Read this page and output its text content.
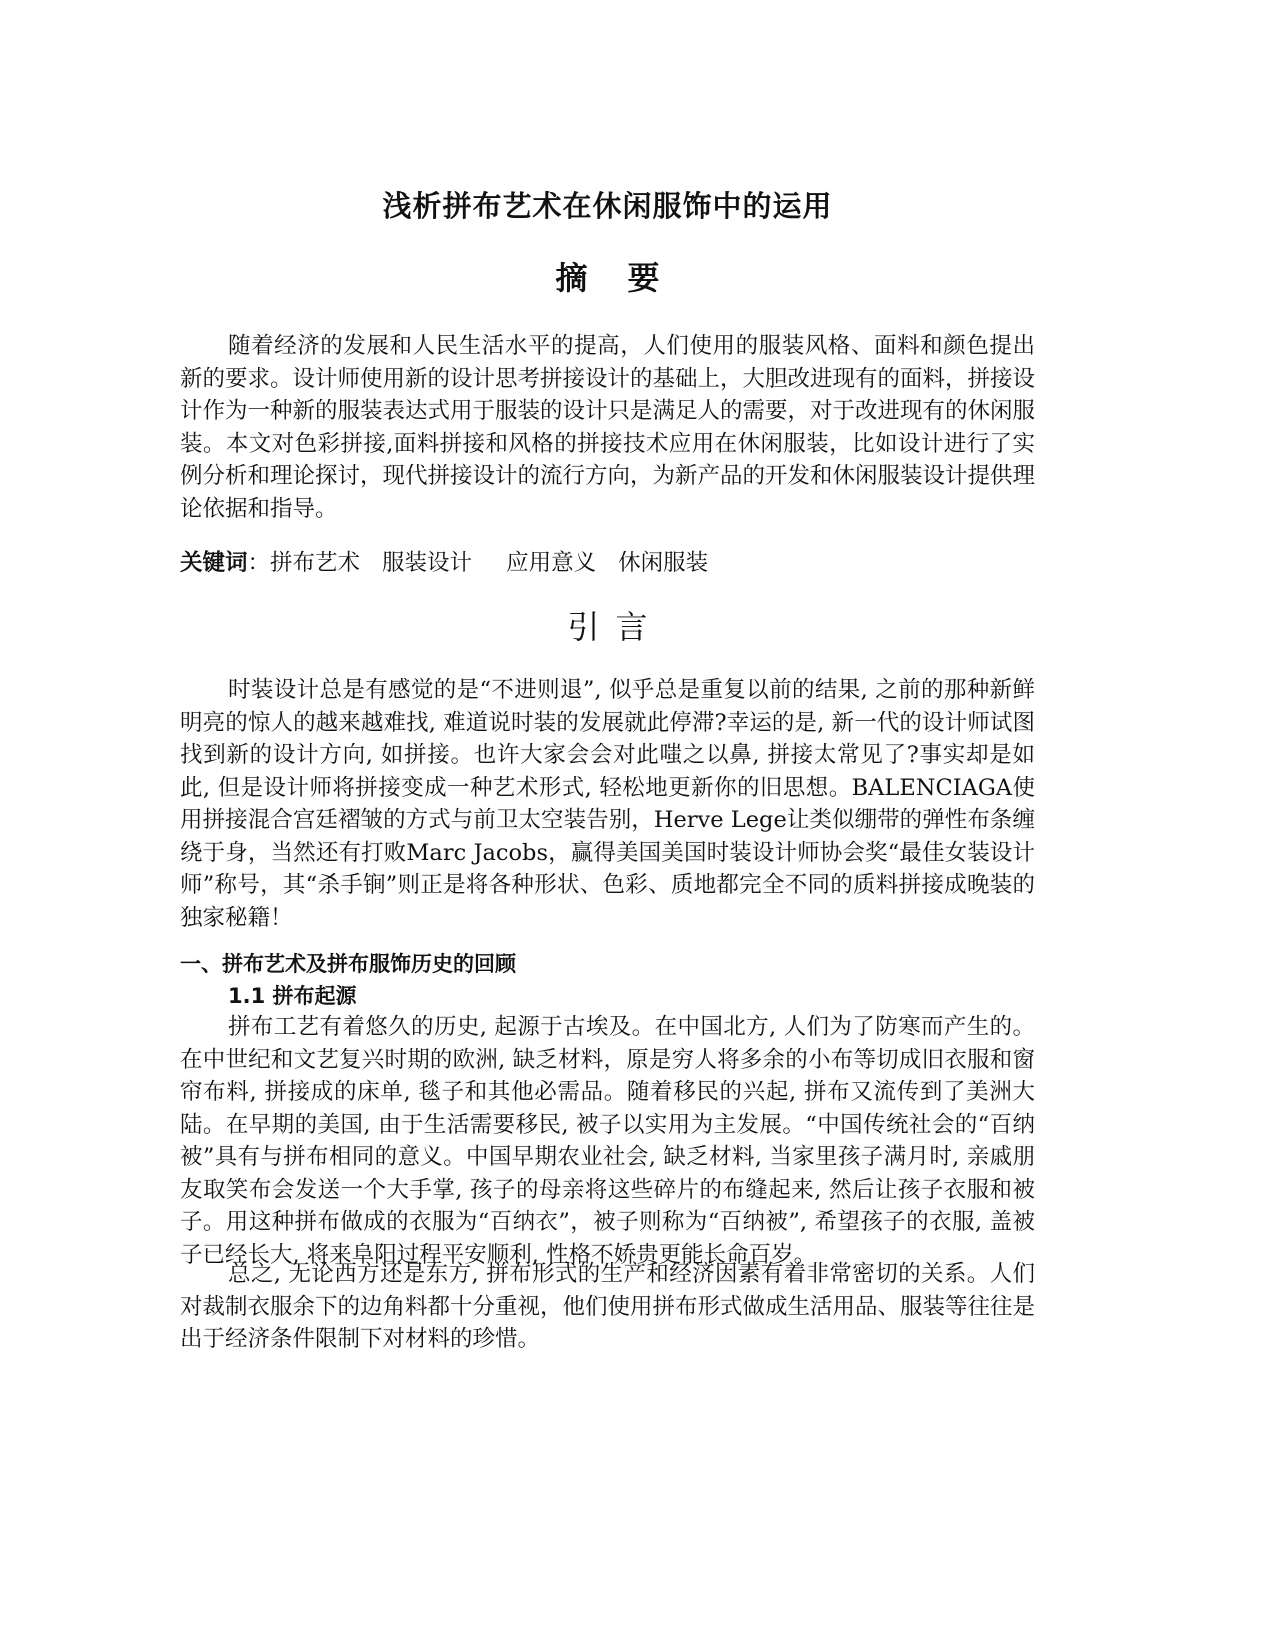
浅析拼布艺术在休闲服饰中的运用
摘要

随着经济的发展和人民生活水平的提高，人们使用的服装风格、面料和颜色提出新的要求。设计师使用新的设计思考拼接设计的基础上，大胆改进现有的面料，拼接设计作为一种新的服装表达式用于服装的设计只是满足人的需要，对于改进现有的休闲服装。本文对色彩拼接,面料拼接和风格的拼接技术应用在休闲服装，比如设计进行了实例分析和理论探讨，现代拼接设计的流行方向，为新产品的开发和休闲服装设计提供理论依据和指导。

关键词：拼布艺术 服装设计 应用意义 休闲服装

引言

时装设计总是有感觉的是“不进则退”, 似乎总是重复以前的结果, 之前的那种新鲜明亮的惊人的越来越难找, 难道说时装的发展就此停滞?幸运的是, 新一代的设计师试图找到新的设计方向, 如拼接。也许大家会会对此嗤之以鼻, 拼接太常见了?事实却是如此, 但是设计师将拼接变成一种艺术形式, 轻松地更新你的旧思想。BALENCIAGA使用拼接混合宫廷褶皱的方式与前卫太空装告别，Herve Lege让类似绷带的弹性布条缠绕于身，当然还有打败Marc Jacobs，赢得美国美国时装设计师协会奖“最佳女装设计师”称号，其“杀手锏”则正是将各种形状、色彩、质地都完全不同的质料拼接成晚装的独家秘籍！

一、拼布艺术及拼布服饰历史的回顾
1.1 拼布起源

拼布工艺有着悠久的历史, 起源于古埃及。在中国北方, 人们为了防寒而产生的。在中世纪和文艺复兴时期的欧洲, 缺乏材料，原是穷人将多余的小布等切成旧衣服和窗帘布料, 拼接成的床单, 毯子和其他必需品。随着移民的兴起, 拼布又流传到了美洲大陆。在早期的美国, 由于生活需要移民, 被子以实用为主发展。“中国传统社会的“百纳被”具有与拼布相同的意义。中国早期农业社会, 缺乏材料, 当家里孩子满月时, 亲戚朋友取笑布会发送一个大手掌, 孩子的母亲将这些碎片的布缝起来, 然后让孩子衣服和被子。用这种拼布做成的衣服为“百纳衣”，被子则称为“百纳被”, 希望孩子的衣服, 盖被子已经长大, 将来阜阳过程平安顺利, 性格不娇贵更能长命百岁。

总之, 无论西方还是东方, 拼布形式的生产和经济因素有着非常密切的关系。人们对裁制衣服余下的边角料都十分重视，他们使用拼布形式做成生活用品、服装等往往是出于经济条件限制下对材料的珍惜。
